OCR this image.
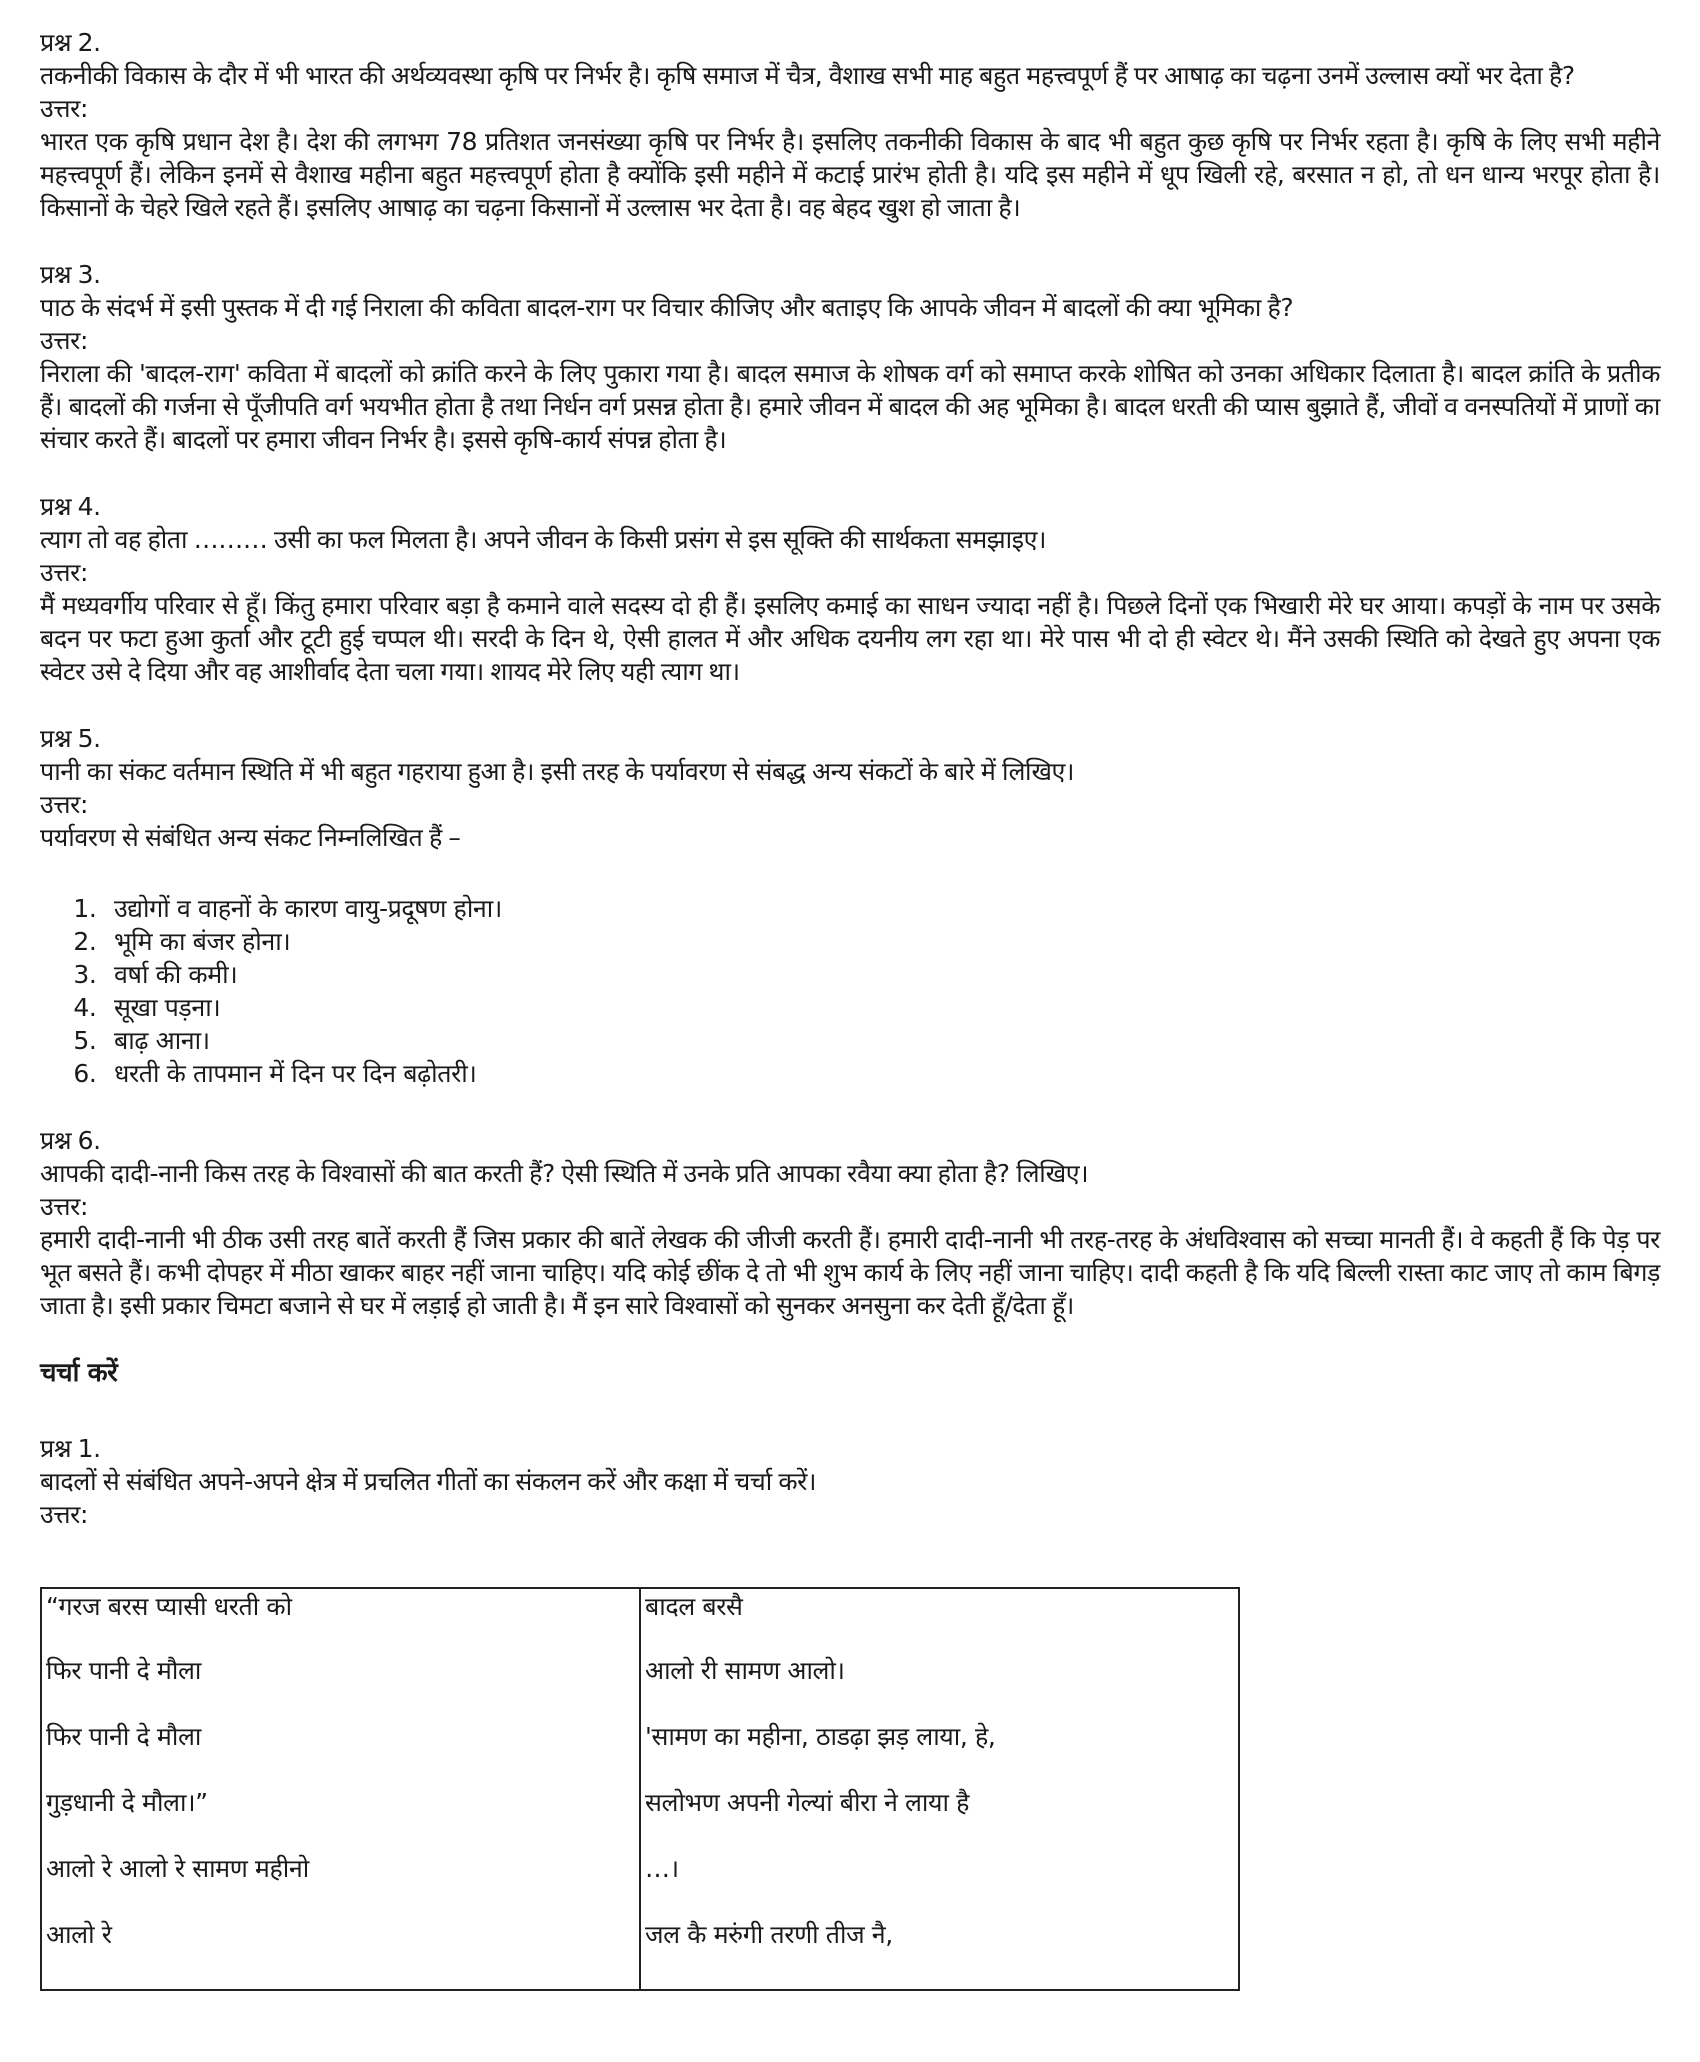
प्रश्न 2.
तकनीकी विकास के दौर में भी भारत की अर्थव्यवस्था कृषि पर निर्भर है। कृषि समाज में चैत्र, वैशाख सभी माह बहुत महत्त्वपूर्ण हैं पर आषाढ़ का चढ़ना उनमें उल्लास क्यों भर देता है?
उत्तर:
भारत एक कृषि प्रधान देश है। देश की लगभग 78 प्रतिशत जनसंख्या कृषि पर निर्भर है। इसलिए तकनीकी विकास के बाद भी बहुत कुछ कृषि पर निर्भर रहता है। कृषि के लिए सभी महीने महत्त्वपूर्ण हैं। लेकिन इनमें से वैशाख महीना बहुत महत्त्वपूर्ण होता है क्योंकि इसी महीने में कटाई प्रारंभ होती है। यदि इस महीने में धूप खिली रहे, बरसात न हो, तो धन धान्य भरपूर होता है। किसानों के चेहरे खिले रहते हैं। इसलिए आषाढ़ का चढ़ना किसानों में उल्लास भर देता है। वह बेहद खुश हो जाता है।
प्रश्न 3.
पाठ के संदर्भ में इसी पुस्तक में दी गई निराला की कविता बादल-राग पर विचार कीजिए और बताइए कि आपके जीवन में बादलों की क्या भूमिका है?
उत्तर:
निराला की 'बादल-राग' कविता में बादलों को क्रांति करने के लिए पुकारा गया है। बादल समाज के शोषक वर्ग को समाप्त करके शोषित को उनका अधिकार दिलाता है। बादल क्रांति के प्रतीक हैं। बादलों की गर्जना से पूँजीपति वर्ग भयभीत होता है तथा निर्धन वर्ग प्रसन्न होता है। हमारे जीवन में बादल की अह भूमिका है। बादल धरती की प्यास बुझाते हैं, जीवों व वनस्पतियों में प्राणों का संचार करते हैं। बादलों पर हमारा जीवन निर्भर है। इससे कृषि-कार्य संपन्न होता है।
प्रश्न 4.
त्याग तो वह होता ……… उसी का फल मिलता है। अपने जीवन के किसी प्रसंग से इस सूक्ति की सार्थकता समझाइए।
उत्तर:
मैं मध्यवर्गीय परिवार से हूँ। किंतु हमारा परिवार बड़ा है कमाने वाले सदस्य दो ही हैं। इसलिए कमाई का साधन ज्यादा नहीं है। पिछले दिनों एक भिखारी मेरे घर आया। कपड़ों के नाम पर उसके बदन पर फटा हुआ कुर्ता और टूटी हुई चप्पल थी। सरदी के दिन थे, ऐसी हालत में और अधिक दयनीय लग रहा था। मेरे पास भी दो ही स्वेटर थे। मैंने उसकी स्थिति को देखते हुए अपना एक स्वेटर उसे दे दिया और वह आशीर्वाद देता चला गया। शायद मेरे लिए यही त्याग था।
प्रश्न 5.
पानी का संकट वर्तमान स्थिति में भी बहुत गहराया हुआ है। इसी तरह के पर्यावरण से संबद्ध अन्य संकटों के बारे में लिखिए।
उत्तर:
पर्यावरण से संबंधित अन्य संकट निम्नलिखित हैं –
1. उद्योगों व वाहनों के कारण वायु-प्रदूषण होना।
2. भूमि का बंजर होना।
3. वर्षा की कमी।
4. सूखा पड़ना।
5. बाढ़ आना।
6. धरती के तापमान में दिन पर दिन बढ़ोतरी।
प्रश्न 6.
आपकी दादी-नानी किस तरह के विश्वासों की बात करती हैं? ऐसी स्थिति में उनके प्रति आपका रवैया क्या होता है? लिखिए।
उत्तर:
हमारी दादी-नानी भी ठीक उसी तरह बातें करती हैं जिस प्रकार की बातें लेखक की जीजी करती हैं। हमारी दादी-नानी भी तरह-तरह के अंधविश्वास को सच्चा मानती हैं। वे कहती हैं कि पेड़ पर भूत बसते हैं। कभी दोपहर में मीठा खाकर बाहर नहीं जाना चाहिए। यदि कोई छींक दे तो भी शुभ कार्य के लिए नहीं जाना चाहिए। दादी कहती है कि यदि बिल्ली रास्ता काट जाए तो काम बिगड़ जाता है। इसी प्रकार चिमटा बजाने से घर में लड़ाई हो जाती है। मैं इन सारे विश्वासों को सुनकर अनसुना कर देती हूँ/देता हूँ।
चर्चा करें
प्रश्न 1.
बादलों से संबंधित अपने-अपने क्षेत्र में प्रचलित गीतों का संकलन करें और कक्षा में चर्चा करें।
उत्तर:
“गरज बरस प्यासी धरती को	बादल बरसै
फिर पानी दे मौला	आलो री सामण आलो।
फिर पानी दे मौला	'सामण का महीना, ठाडढ़ा झड़ लाया, हे,
गुड़धानी दे मौला।”	सलोभण अपनी गेल्यां बीरा ने लाया है
आलो रे आलो रे सामण महीनो	…।
आलो रे	जल कै मरुंगी तरणी तीज नै,
